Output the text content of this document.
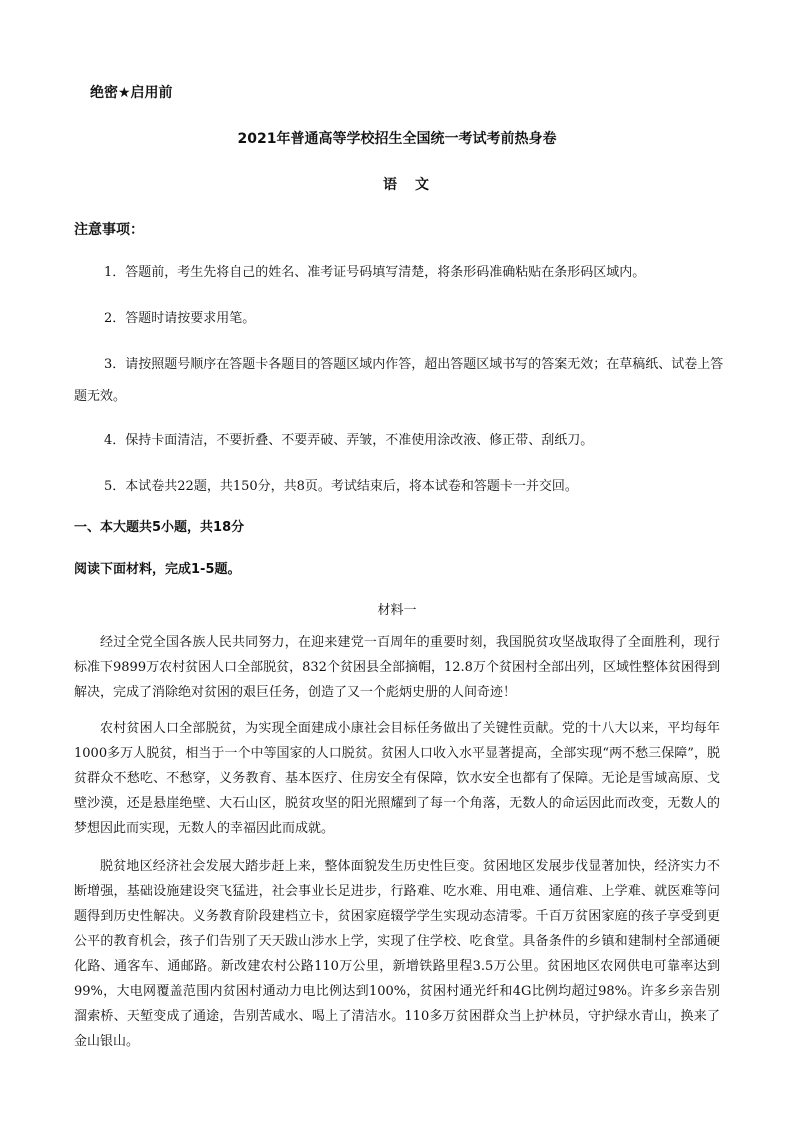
绝密★启用前
2021年普通高等学校招生全国统一考试考前热身卷
语文
注意事项：
1．答题前，考生先将自己的姓名、准考证号码填写清楚，将条形码准确粘贴在条形码区域内。
2．答题时请按要求用笔。
3．请按照题号顺序在答题卡各题目的答题区域内作答，超出答题区域书写的答案无效；在草稿纸、试卷上答题无效。
4．保持卡面清洁，不要折叠、不要弄破、弄皱，不准使用涂改液、修正带、刮纸刀。
5．本试卷共22题，共150分，共8页。考试结束后，将本试卷和答题卡一并交回。
一、本大题共5小题，共18分
阅读下面材料，完成1-5题。
材料一
经过全党全国各族人民共同努力，在迎来建党一百周年的重要时刻，我国脱贫攻坚战取得了全面胜利，现行标准下9899万农村贫困人口全部脱贫，832个贫困县全部摘帽，12.8万个贫困村全部出列，区域性整体贫困得到解决，完成了消除绝对贫困的艰巨任务，创造了又一个彪炳史册的人间奇迹！
农村贫困人口全部脱贫，为实现全面建成小康社会目标任务做出了关键性贡献。党的十八大以来，平均每年1000多万人脱贫，相当于一个中等国家的人口脱贫。贫困人口收入水平显著提高，全部实现“两不愁三保障”，脱贫群众不愁吃、不愁穿，义务教育、基本医疗、住房安全有保障，饮水安全也都有了保障。无论是雪域高原、戈壁沙漠，还是悬崖绝壁、大石山区，脱贫攻坚的阳光照耀到了每一个角落，无数人的命运因此而改变，无数人的梦想因此而实现，无数人的幸福因此而成就。
脱贫地区经济社会发展大踏步赶上来，整体面貌发生历史性巨变。贫困地区发展步伐显著加快，经济实力不断增强，基础设施建设突飞猛进，社会事业长足进步，行路难、吃水难、用电难、通信难、上学难、就医难等问题得到历史性解决。义务教育阶段建档立卡，贫困家庭辍学学生实现动态清零。千百万贫困家庭的孩子享受到更公平的教育机会，孩子们告别了天天跋山涉水上学，实现了住学校、吃食堂。具备条件的乡镇和建制村全部通硬化路、通客车、通邮路。新改建农村公路110万公里，新增铁路里程3.5万公里。贫困地区农网供电可靠率达到99%，大电网覆盖范围内贫困村通动力电比例达到100%，贫困村通光纤和4G比例均超过98%。许多乡亲告别溜索桥、天堑变成了通途，告别苦咸水、喝上了清洁水。110多万贫困群众当上护林员，守护绿水青山，换来了金山银山。
